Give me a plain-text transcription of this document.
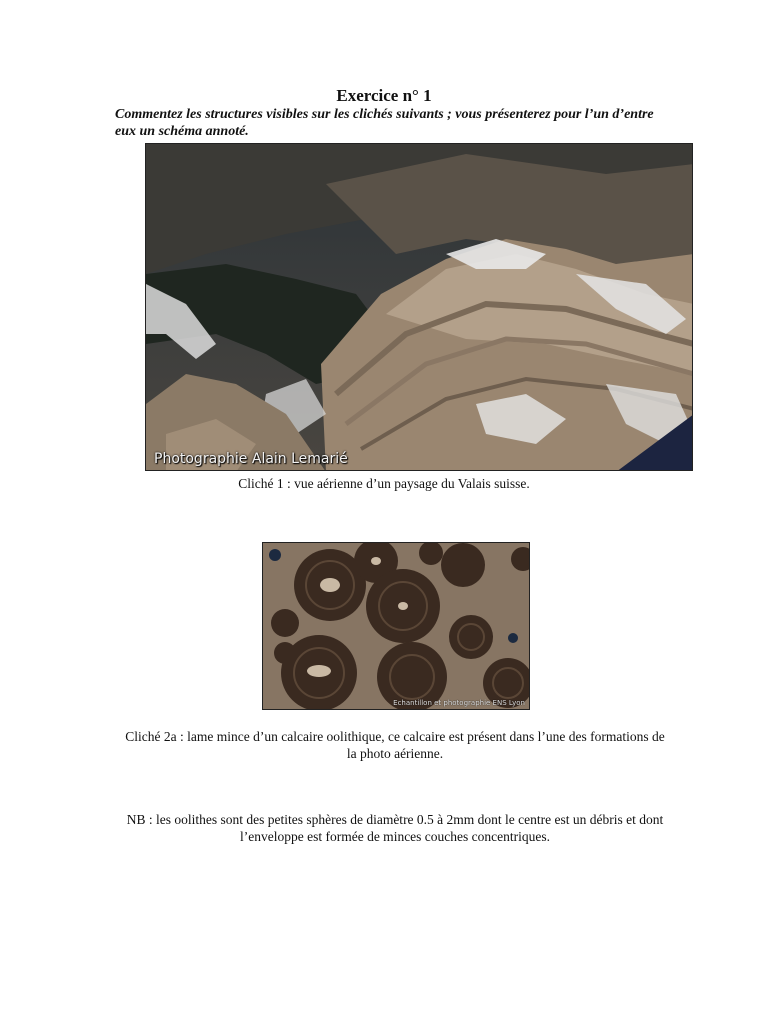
Exercice n° 1
Commentez les structures visibles sur les clichés suivants ; vous présenterez pour l’un d’entre eux un schéma annoté.
Photographie Alain Lemarié
Cliché 1 : vue aérienne d’un paysage du Valais suisse.
Echantillon et photographie ENS Lyon
Cliché 2a : lame mince d’un calcaire oolithique, ce calcaire est présent dans l’une des formations de la photo aérienne.
NB : les oolithes sont des petites sphères de diamètre 0.5 à 2mm dont le centre est un débris et dont l’enveloppe est formée de minces couches concentriques.
